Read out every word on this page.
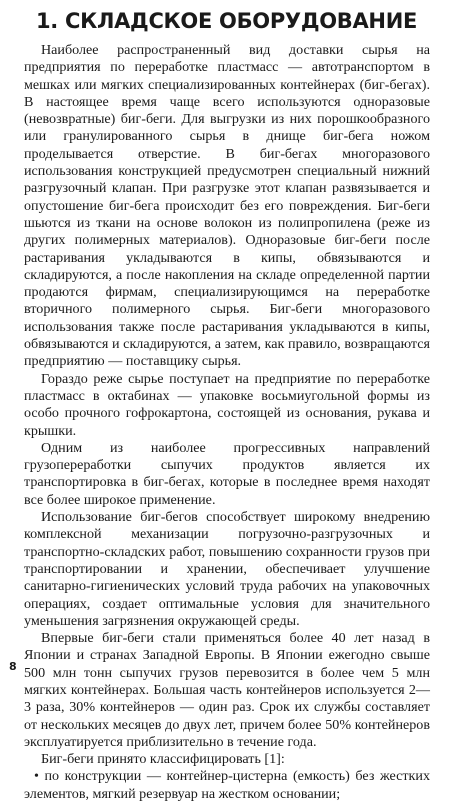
1. СКЛАДСКОЕ ОБОРУДОВАНИЕ

Наиболее распространенный вид доставки сырья на предприятия по переработке пластмасс — автотранспортом в мешках или мягких специализированных контейнерах (биг-бегах). В настоящее время чаще всего используются одноразовые (невозвратные) биг-беги. Для выгрузки из них порошкообразного или гранулированного сырья в днище биг-бега ножом проделывается отверстие. В биг-бегах многоразового использования конструкцией предусмотрен специальный нижний разгрузочный клапан. При разгрузке этот клапан развязывается и опустошение биг-бега происходит без его повреждения. Биг-беги шьются из ткани на основе волокон из полипропилена (реже из других полимерных материалов). Одноразовые биг-беги после растаривания укладываются в кипы, обвязываются и складируются, а после накопления на складе определенной партии продаются фирмам, специализирующимся на переработке вторичного полимерного сырья. Биг-беги многоразового использования также после растаривания укладываются в кипы, обвязываются и складируются, а затем, как правило, возвращаются предприятию — поставщику сырья.

Гораздо реже сырье поступает на предприятие по переработке пластмасс в октабинах — упаковке восьмиугольной формы из особо прочного гофрокартона, состоящей из основания, рукава и крышки.

Одним из наиболее прогрессивных направлений грузопереработки сыпучих продуктов является их транспортировка в биг-бегах, которые в последнее время находят все более широкое применение.

Использование биг-бегов способствует широкому внедрению комплексной механизации погрузочно-разгрузочных и транспортно-складских работ, повышению сохранности грузов при транспортировании и хранении, обеспечивает улучшение санитарно-гигиенических условий труда рабочих на упаковочных операциях, создает оптимальные условия для значительного уменьшения загрязнения окружающей среды.

Впервые биг-беги стали применяться более 40 лет назад в Японии и странах Западной Европы. В Японии ежегодно свыше 500 млн тонн сыпучих грузов перевозится в более чем 5 млн мягких контейнерах. Большая часть контейнеров используется 2—3 раза, 30% контейнеров — один раз. Срок их службы составляет от нескольких месяцев до двух лет, причем более 50% контейнеров эксплуатируется приблизительно в течение года.

Биг-беги принято классифицировать [1]:

• по конструкции — контейнер-цистерна (емкость) без жестких элементов, мягкий резервуар на жестком основании;

8
